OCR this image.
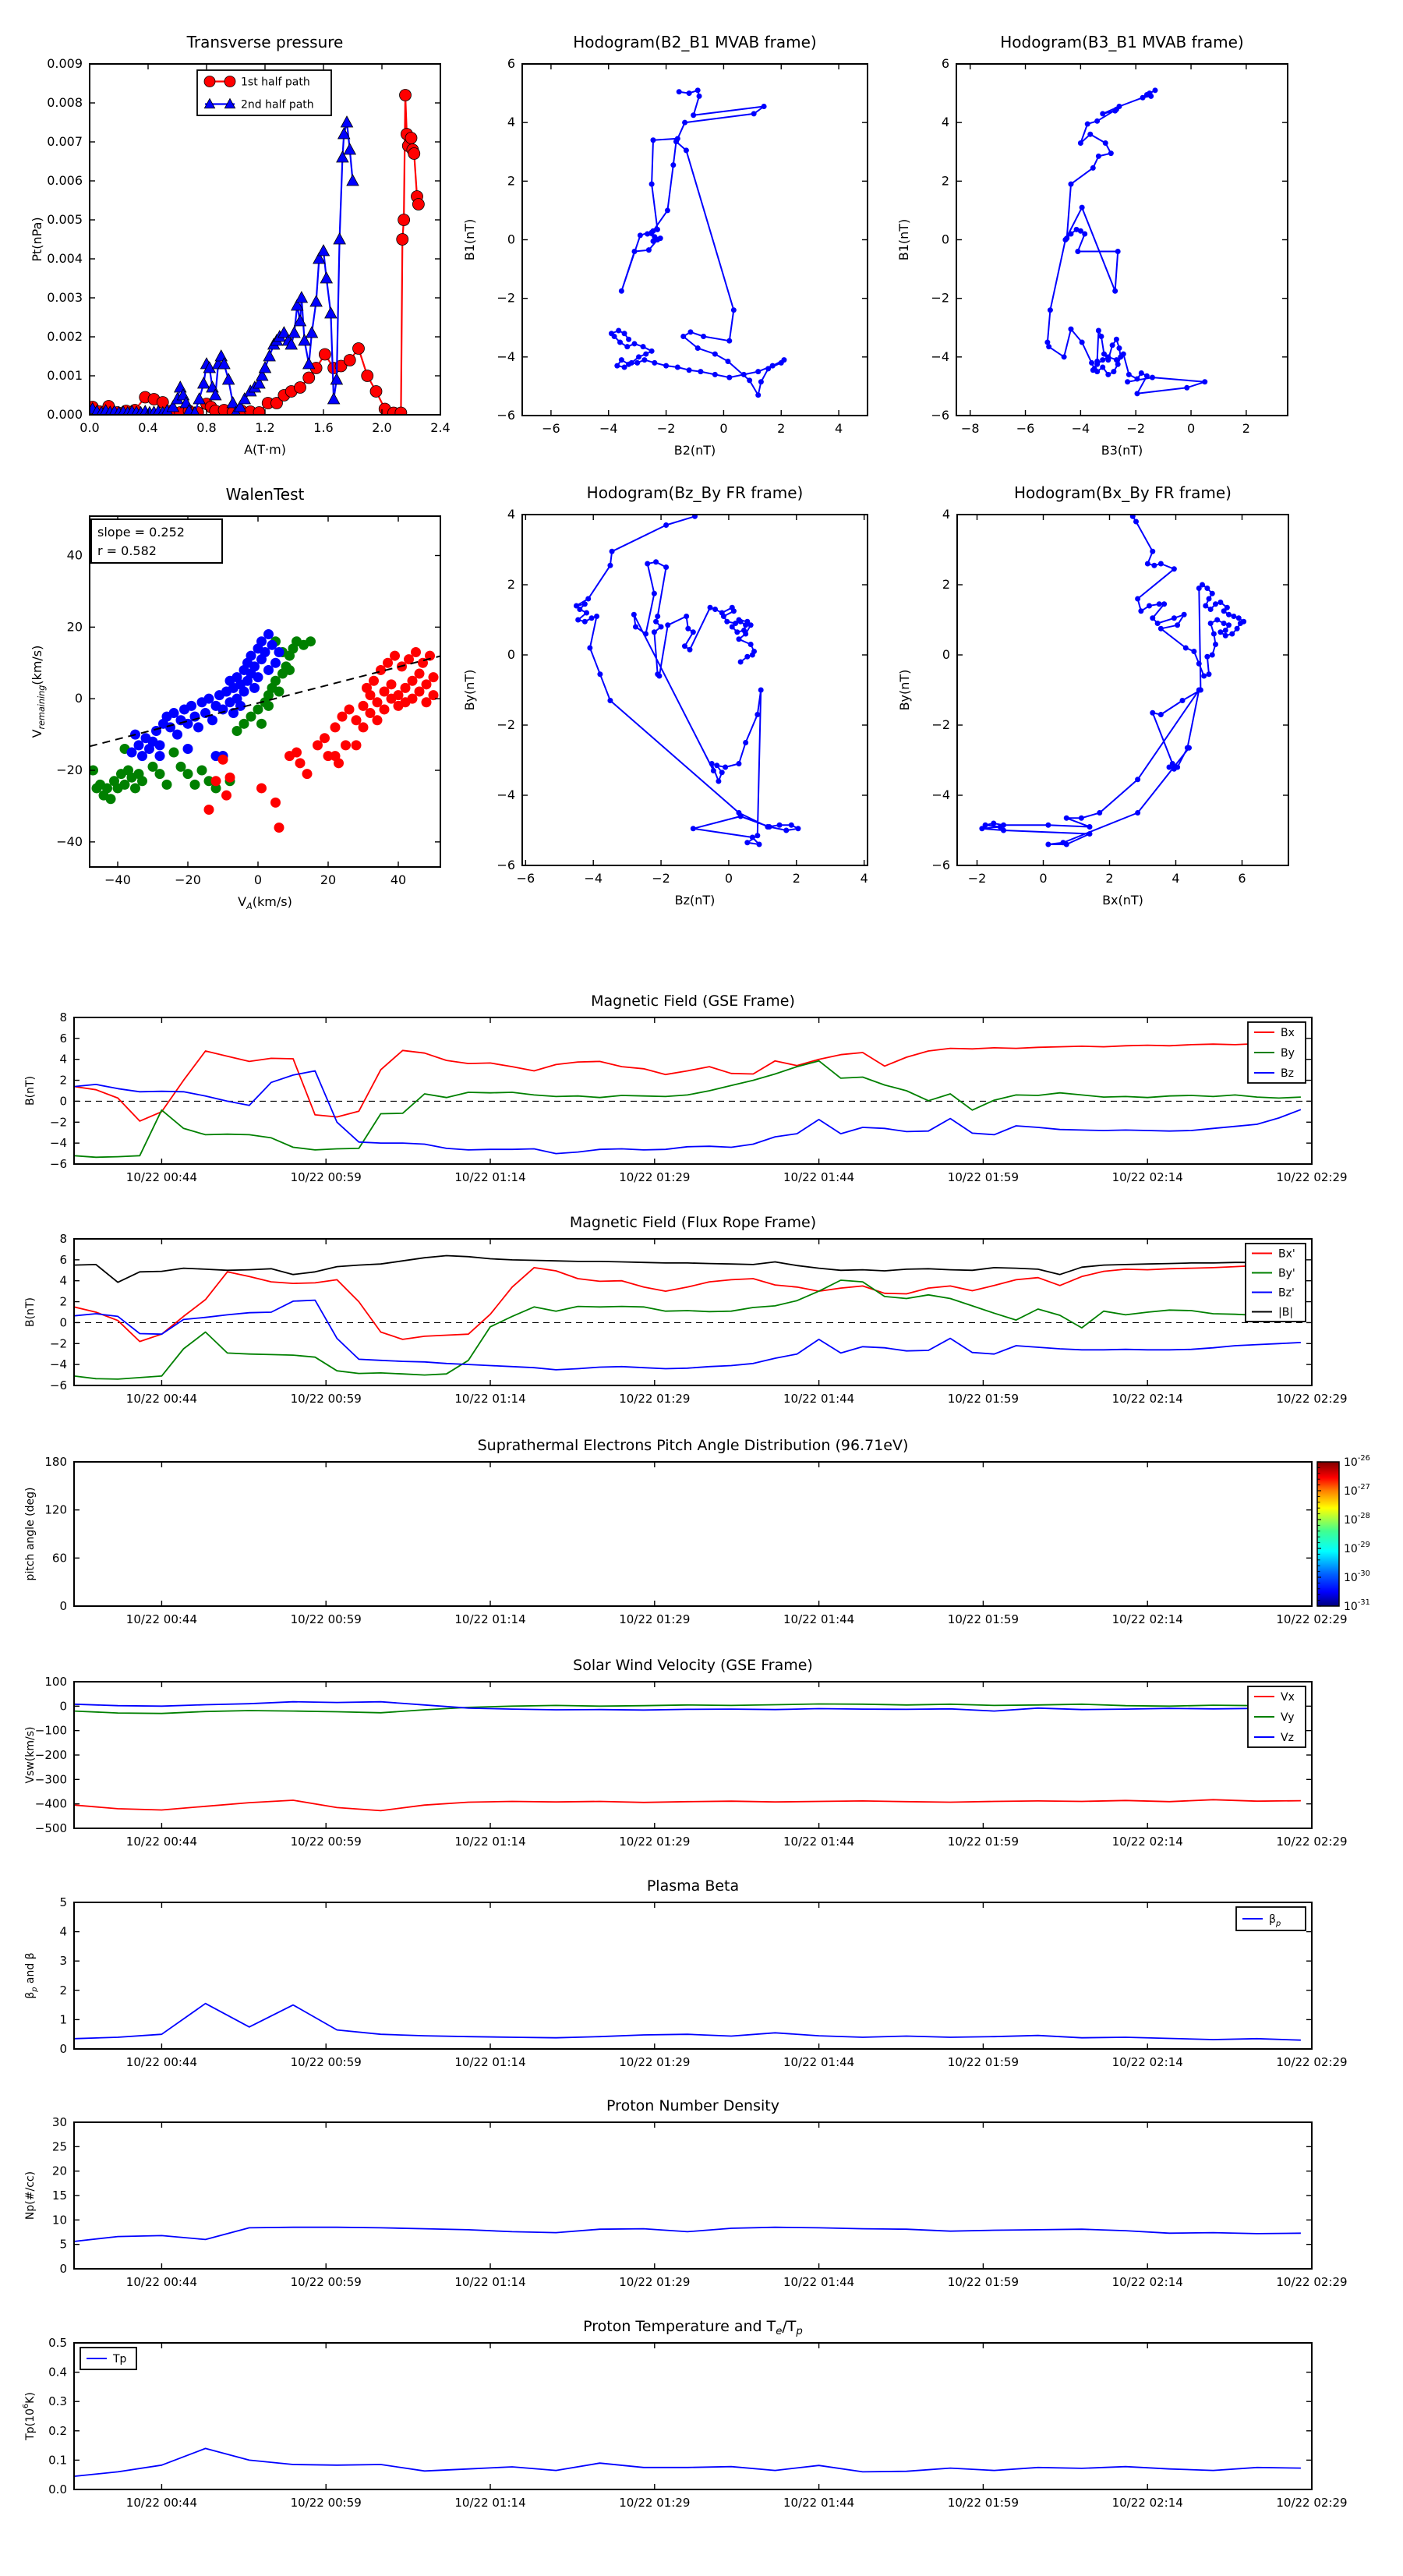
0.0	0.4	0.8	1.2	1.6	2.0	2.4
0.000
0.001
0.002
0.003
0.004
0.005
0.006
0.007
0.008
0.009
Transverse pressure
A(T·m)
Pt(nPa)
1st half path
2nd half path
−6	−4	−2	0	2	4
−6
−4
−2
0
2
4
6
Hodogram(B2_B1 MVAB frame)
B2(nT)
B1(nT)
−8	−6	−4	−2	0	2
−6
−4
−2
0
2
4
6
Hodogram(B3_B1 MVAB frame)
B3(nT)
B1(nT)
−40	−20	0	20	40
−40
−20
0
20
40
WalenTest
$V_A(km/s)$
$V_{remaining}(km/s)$
slope = 0.252
r = 0.582
−6	−4	−2	0	2	4
−6
−4
−2
0
2
4
Hodogram(Bz_By FR frame)
Bz(nT)
By(nT)
−2	0	2	4	6
−6
−4
−2
0
2
4
Hodogram(Bx_By FR frame)
Bx(nT)
By(nT)
10/22 00:44	10/22 00:59	10/22 01:14	10/22 01:29	10/22 01:44	10/22 01:59	10/22 02:14	10/22 02:29
−6
−4
−2
0
2
4
6
8
Magnetic Field (GSE Frame)
B(nT)
Bx
By
Bz
10/22 00:44	10/22 00:59	10/22 01:14	10/22 01:29	10/22 01:44	10/22 01:59	10/22 02:14	10/22 02:29
−6
−4
−2
0
2
4
6
8
Magnetic Field (Flux Rope Frame)
B(nT)
Bx'
By'
Bz'
|B|
10/22 00:44	10/22 00:59	10/22 01:14	10/22 01:29	10/22 01:44	10/22 01:59	10/22 02:14	10/22 02:29
0
60
120
180
Suprathermal Electrons Pitch Angle Distribution (96.71eV)
pitch angle (deg)
$10^{-26}$
$10^{-27}$
$10^{-28}$
$10^{-29}$
$10^{-30}$
$10^{-31}$
10/22 00:44	10/22 00:59	10/22 01:14	10/22 01:29	10/22 01:44	10/22 01:59	10/22 02:14	10/22 02:29
−500
−400
−300
−200
−100
0
100
Solar Wind Velocity (GSE Frame)
Vsw(km/s)
Vx
Vy
Vz
10/22 00:44	10/22 00:59	10/22 01:14	10/22 01:29	10/22 01:44	10/22 01:59	10/22 02:14	10/22 02:29
0
1
2
3
4
5
Plasma Beta
$\beta_p$ and β
$\beta_p$
10/22 00:44	10/22 00:59	10/22 01:14	10/22 01:29	10/22 01:44	10/22 01:59	10/22 02:14	10/22 02:29
0
5
10
15
20
25
30
Proton Number Density
Np(#/cc)
10/22 00:44	10/22 00:59	10/22 01:14	10/22 01:29	10/22 01:44	10/22 01:59	10/22 02:14	10/22 02:29
0.0
0.1
0.2
0.3
0.4
0.5
Proton Temperature and $T_e/T_p$
$Tp(10^6K)$
Tp
